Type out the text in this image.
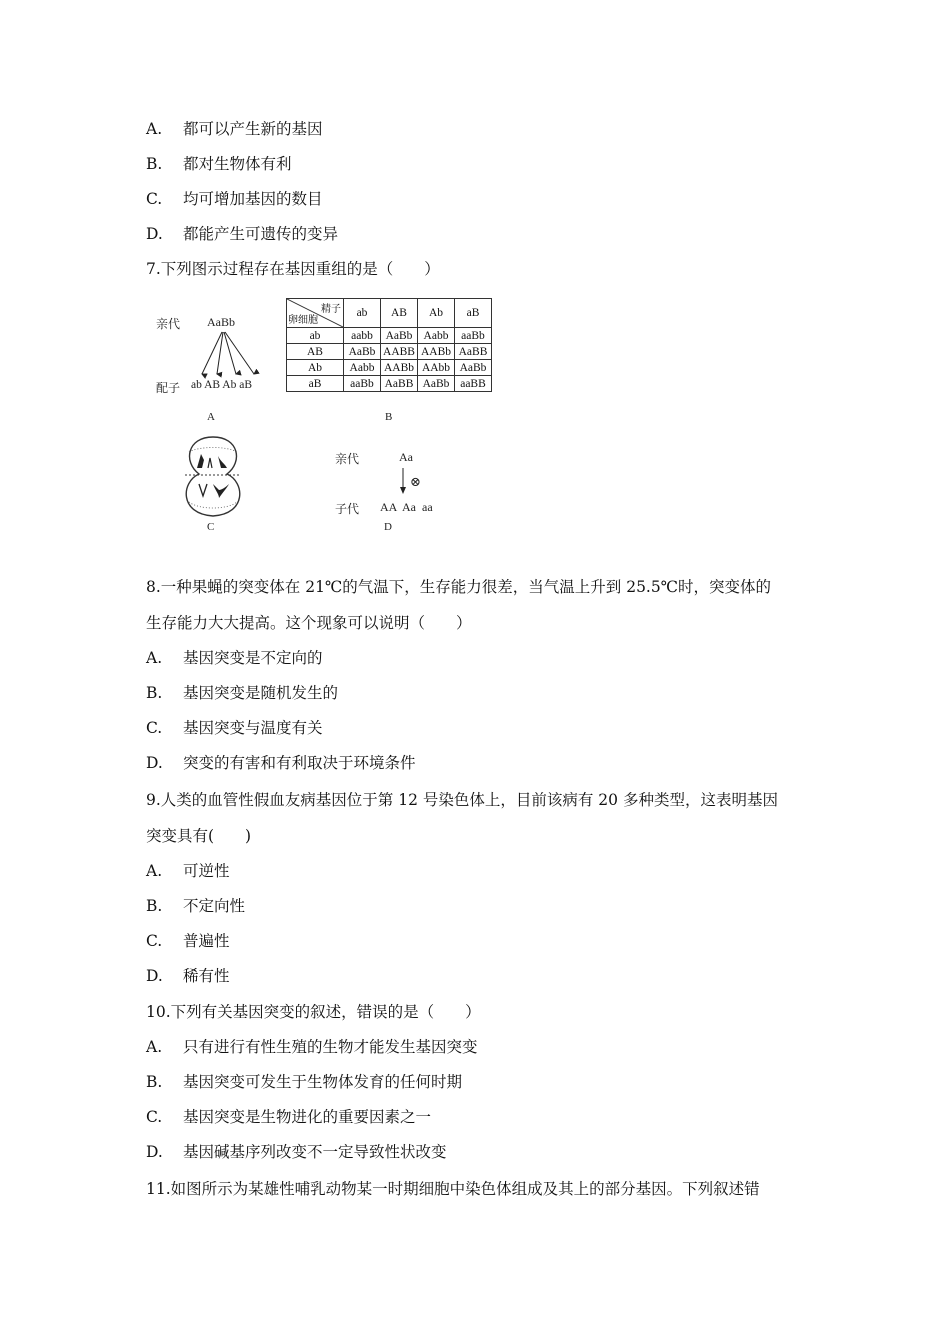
A. 都可以产生新的基因
B. 都对生物体有利
C. 均可增加基因的数目
D. 都能产生可遗传的变异
7.下列图示过程存在基因重组的是（　　）
亲代 AaBb
配子 ab AB Ab aB
A
精子
卵细胞	ab	AB	Ab	aB
ab	aabb	AaBb	Aabb	aaBb
AB	AaBb	AABB	AABb	AaBB
Ab	Aabb	AABb	AAbb	AaBb
aB	aaBb	AaBB	AaBb	aaBB
B
C
亲代	Aa
⊗
子代 AA  Aa  aa
D
8.一种果蝇的突变体在 21℃的气温下，生存能力很差，当气温上升到 25.5℃时，突变体的
生存能力大大提高。这个现象可以说明（　　）
A. 基因突变是不定向的
B. 基因突变是随机发生的
C. 基因突变与温度有关
D. 突变的有害和有利取决于环境条件
9.人类的血管性假血友病基因位于第 12 号染色体上，目前该病有 20 多种类型，这表明基因
突变具有(　　)
A. 可逆性
B. 不定向性
C. 普遍性
D. 稀有性
10.下列有关基因突变的叙述，错误的是（　　）
A. 只有进行有性生殖的生物才能发生基因突变
B. 基因突变可发生于生物体发育的任何时期
C. 基因突变是生物进化的重要因素之一
D. 基因碱基序列改变不一定导致性状改变
11.如图所示为某雄性哺乳动物某一时期细胞中染色体组成及其上的部分基因。下列叙述错
